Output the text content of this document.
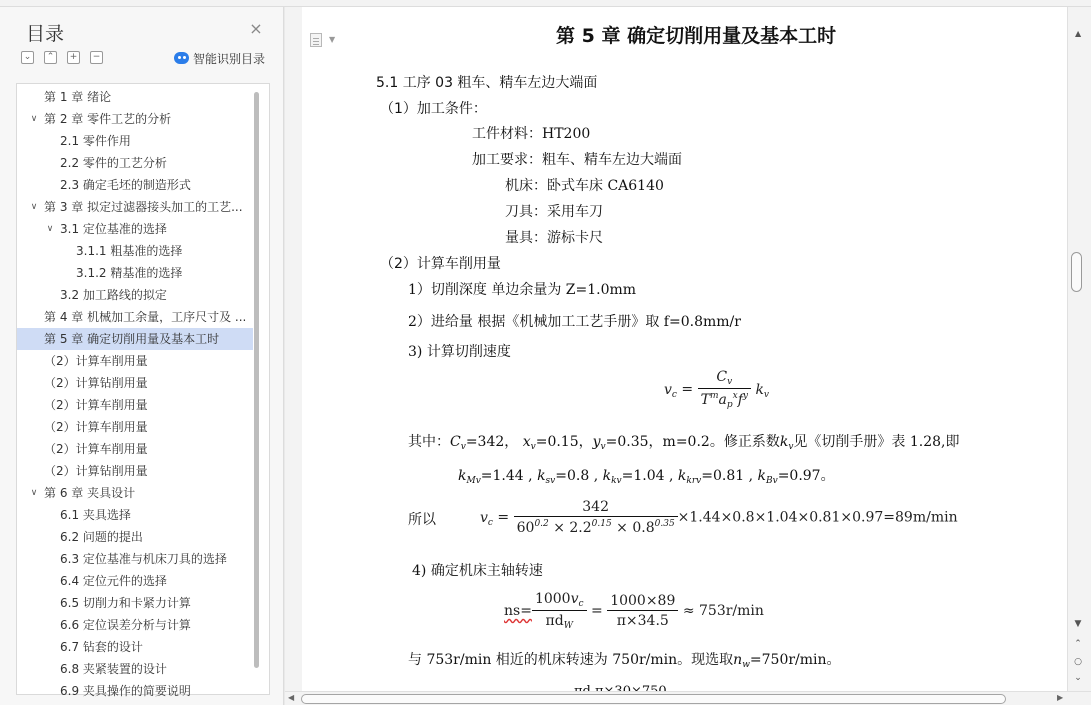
目录	×
⌄	⌃	+	−	智能识别目录
第 1 章 绪论
∨ 第 2 章 零件工艺的分析
2.1 零件作用
2.2 零件的工艺分析
2.3 确定毛坯的制造形式
∨ 第 3 章 拟定过滤器接头加工的工艺...
∨ 3.1 定位基准的选择
3.1.1 粗基准的选择
3.1.2 精基准的选择
3.2 加工路线的拟定
第 4 章 机械加工余量，工序尺寸及 ...
第 5 章 确定切削用量及基本工时
（2）计算车削用量
（2）计算钻削用量
（2）计算车削用量
（2）计算车削用量
（2）计算车削用量
（2）计算钻削用量
∨ 第 6 章 夹具设计
6.1 夹具选择
6.2 问题的提出
6.3 定位基准与机床刀具的选择
6.4 定位元件的选择
6.5 切削力和卡紧力计算
6.6 定位误差分析与计算
6.7 钻套的设计
6.8 夹紧装置的设计
6.9 夹具操作的简要说明
▼	第 5 章 确定切削用量及基本工时
5.1 工序 03 粗车、精车左边大端面
（1）加工条件：
工件材料：HT200
加工要求：粗车、精车左边大端面
机床：卧式车床 CA6140
刀具：采用车刀
量具：游标卡尺
（2）计算车削用量
1）切削深度 单边余量为 Z=1.0mm
2）进给量 根据《机械加工工艺手册》取 f=0.8mm/r
3) 计算切削速度
$v_c = \frac{C_v}{T^ma_p^xf^y} k_v$
其中：$C_v=342$， $x_v=0.15$，$y_v=0.35$，m=0.2。修正系数$k_v$见《切削手册》表 1.28,即
$k_{Mv}=1.44$ , $k_{sv}=0.8$ , $k_{kv}=1.04$ , $k_{krv}=0.81$ , $k_{Bv}=0.97$。
所以	$v_c = \frac{342}{60^{0.2} \times 2.2^{0.15} \times 0.8^{0.35}} \times 1.44\times 0.8\times 1.04\times 0.81\times 0.97=89m/\min$
4) 确定机床主轴转速
$ns= \frac{1000v_c}{\pi d_W} = \frac{1000\times 89}{\pi\times 34.5} \approx 753r/\min$
与 753r/min 相近的机床转速为 750r/min。现选取$n_w=750r/\min$。
▲
▼
⌃
○
⌄
◀	▶
